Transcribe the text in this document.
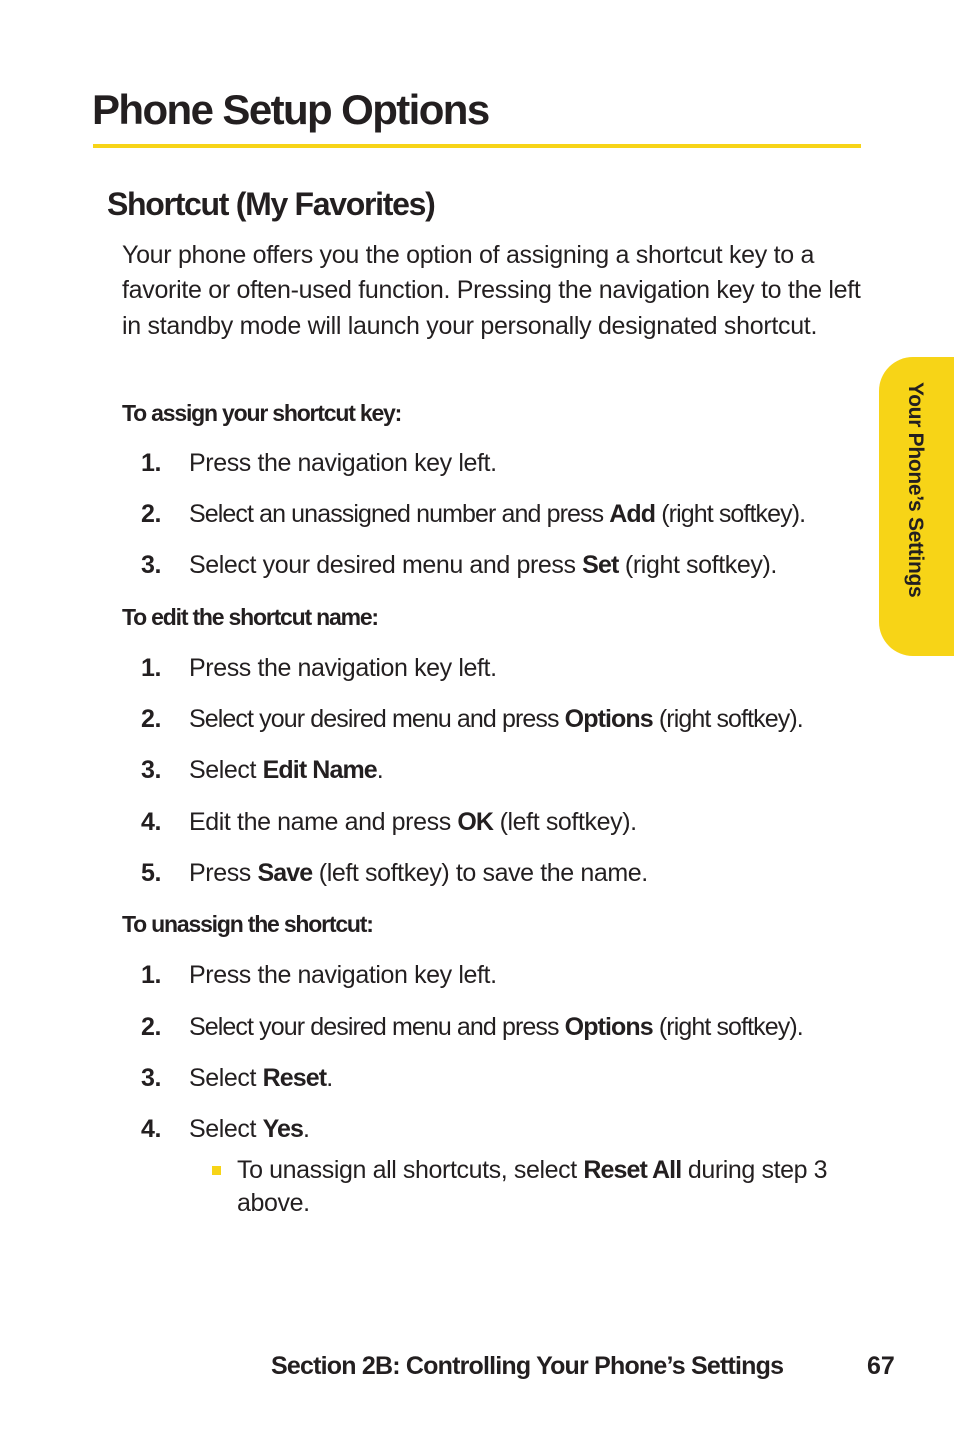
Phone Setup Options
Shortcut (My Favorites)

Your phone offers you the option of assigning a shortcut key to a favorite or often-used function. Pressing the navigation key to the left in standby mode will launch your personally designated shortcut.

To assign your shortcut key:
1. Press the navigation key left.
2. Select an unassigned number and press Add (right softkey).
3. Select your desired menu and press Set (right softkey).
To edit the shortcut name:
1. Press the navigation key left.
2. Select your desired menu and press Options (right softkey).
3. Select Edit Name.
4. Edit the name and press OK (left softkey).
5. Press Save (left softkey) to save the name.
To unassign the shortcut:
1. Press the navigation key left.
2. Select your desired menu and press Options (right softkey).
3. Select Reset.
4. Select Yes.
To unassign all shortcuts, select Reset All during step 3 above.
Your Phone’s Settings
Section 2B: Controlling Your Phone’s Settings	67
